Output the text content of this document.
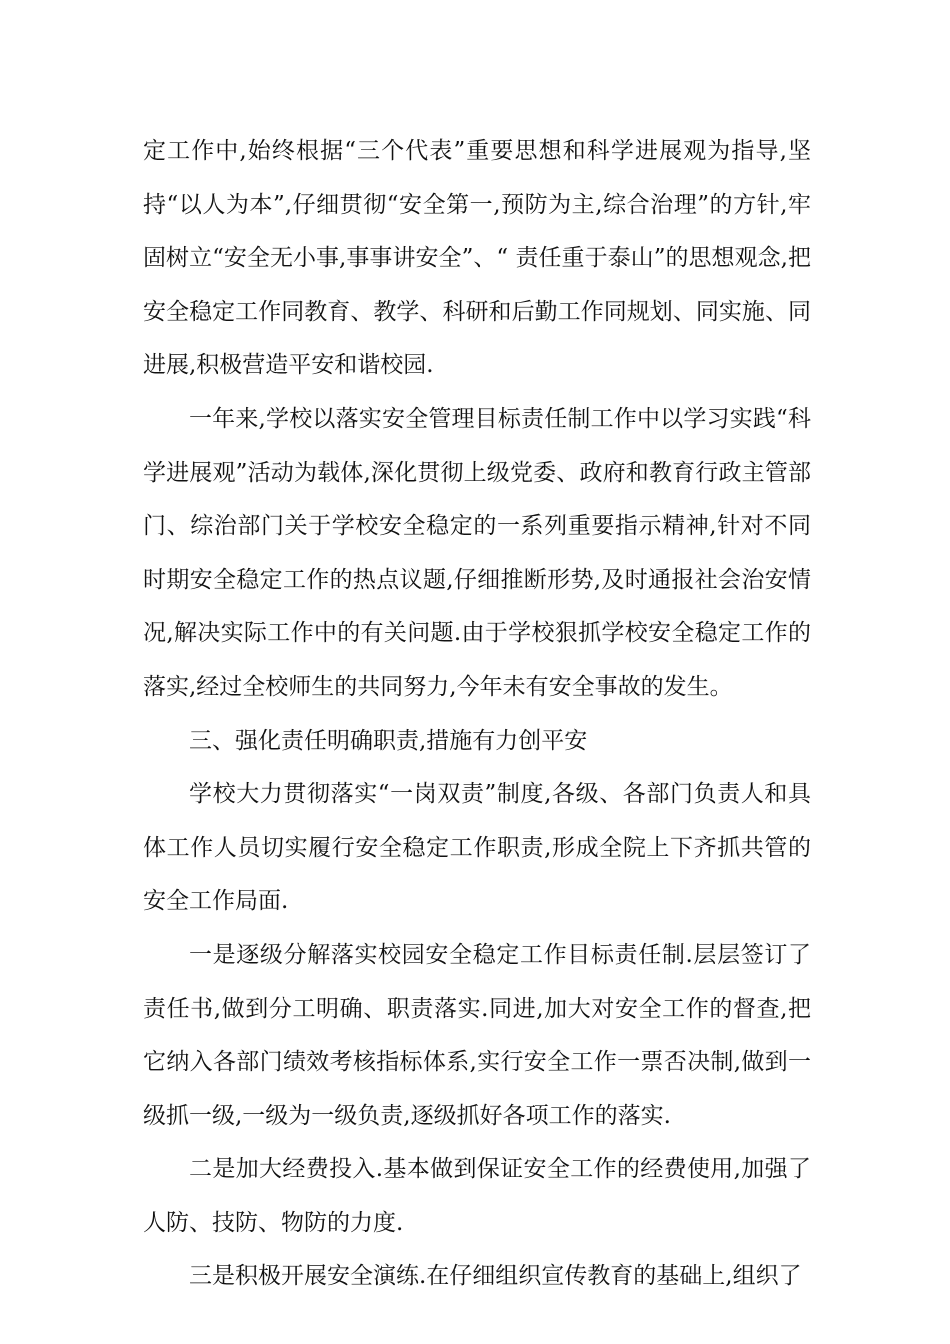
定工作中,始终根据“三个代表”重要思想和科学进展观为指导,坚持“以人为本”,仔细贯彻“安全第一,预防为主,综合治理”的方针,牢固树立“安全无小事,事事讲安全”、“ 责任重于泰山”的思想观念,把安全稳定工作同教育、教学、科研和后勤工作同规划、同实施、同进展,积极营造平安和谐校园.

一年来,学校以落实安全管理目标责任制工作中以学习实践“科学进展观”活动为载体,深化贯彻上级党委、政府和教育行政主管部门、综治部门关于学校安全稳定的一系列重要指示精神,针对不同时期安全稳定工作的热点议题,仔细推断形势,及时通报社会治安情况,解决实际工作中的有关问题.由于学校狠抓学校安全稳定工作的落实,经过全校师生的共同努力,今年未有安全事故的发生。

三、强化责任明确职责,措施有力创平安

学校大力贯彻落实“一岗双责”制度,各级、各部门负责人和具体工作人员切实履行安全稳定工作职责,形成全院上下齐抓共管的安全工作局面.

一是逐级分解落实校园安全稳定工作目标责任制.层层签订了责任书,做到分工明确、职责落实.同进,加大对安全工作的督查,把它纳入各部门绩效考核指标体系,实行安全工作一票否决制,做到一级抓一级,一级为一级负责,逐级抓好各项工作的落实.

二是加大经费投入.基本做到保证安全工作的经费使用,加强了人防、技防、物防的力度.

三是积极开展安全演练.在仔细组织宣传教育的基础上,组织了
